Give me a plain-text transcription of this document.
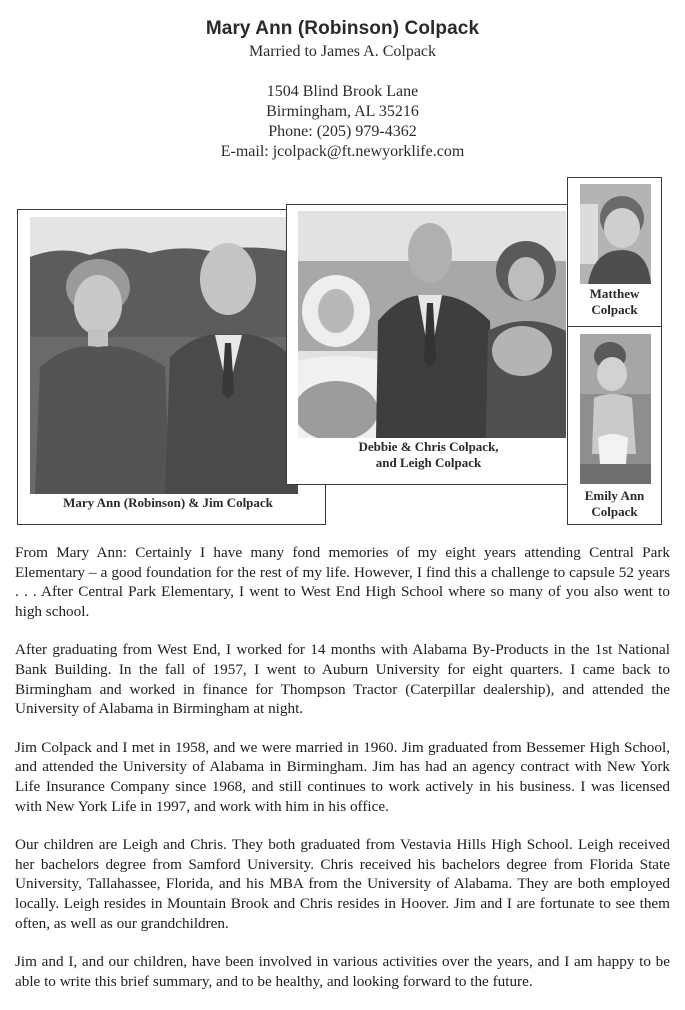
Mary Ann (Robinson) Colpack
Married to James A. Colpack
1504 Blind Brook Lane
Birmingham, AL 35216
Phone: (205) 979-4362
E-mail: jcolpack@ft.newyorklife.com
Mary Ann (Robinson) & Jim Colpack
Debbie & Chris Colpack,
and Leigh Colpack
Matthew
Colpack
Emily Ann
Colpack

From Mary Ann: Certainly I have many fond memories of my eight years attending Central Park Elementary – a good foundation for the rest of my life. However, I find this a challenge to capsule 52 years . . . After Central Park Elementary, I went to West End High School where so many of you also went to high school.

After graduating from West End, I worked for 14 months with Alabama By-Products in the 1st National Bank Building. In the fall of 1957, I went to Auburn University for eight quarters. I came back to Birmingham and worked in finance for Thompson Tractor (Caterpillar dealership), and attended the University of Alabama in Birmingham at night.

Jim Colpack and I met in 1958, and we were married in 1960. Jim graduated from Bessemer High School, and attended the University of Alabama in Birmingham. Jim has had an agency contract with New York Life Insurance Company since 1968, and still continues to work actively in his business. I was licensed with New York Life in 1997, and work with him in his office.

Our children are Leigh and Chris. They both graduated from Vestavia Hills High School. Leigh received her bachelors degree from Samford University. Chris received his bachelors degree from Florida State University, Tallahassee, Florida, and his MBA from the University of Alabama. They are both employed locally. Leigh resides in Mountain Brook and Chris resides in Hoover. Jim and I are fortunate to see them often, as well as our grandchildren.

Jim and I, and our children, have been involved in various activities over the years, and I am happy to be able to write this brief summary, and to be healthy, and looking forward to the future.
